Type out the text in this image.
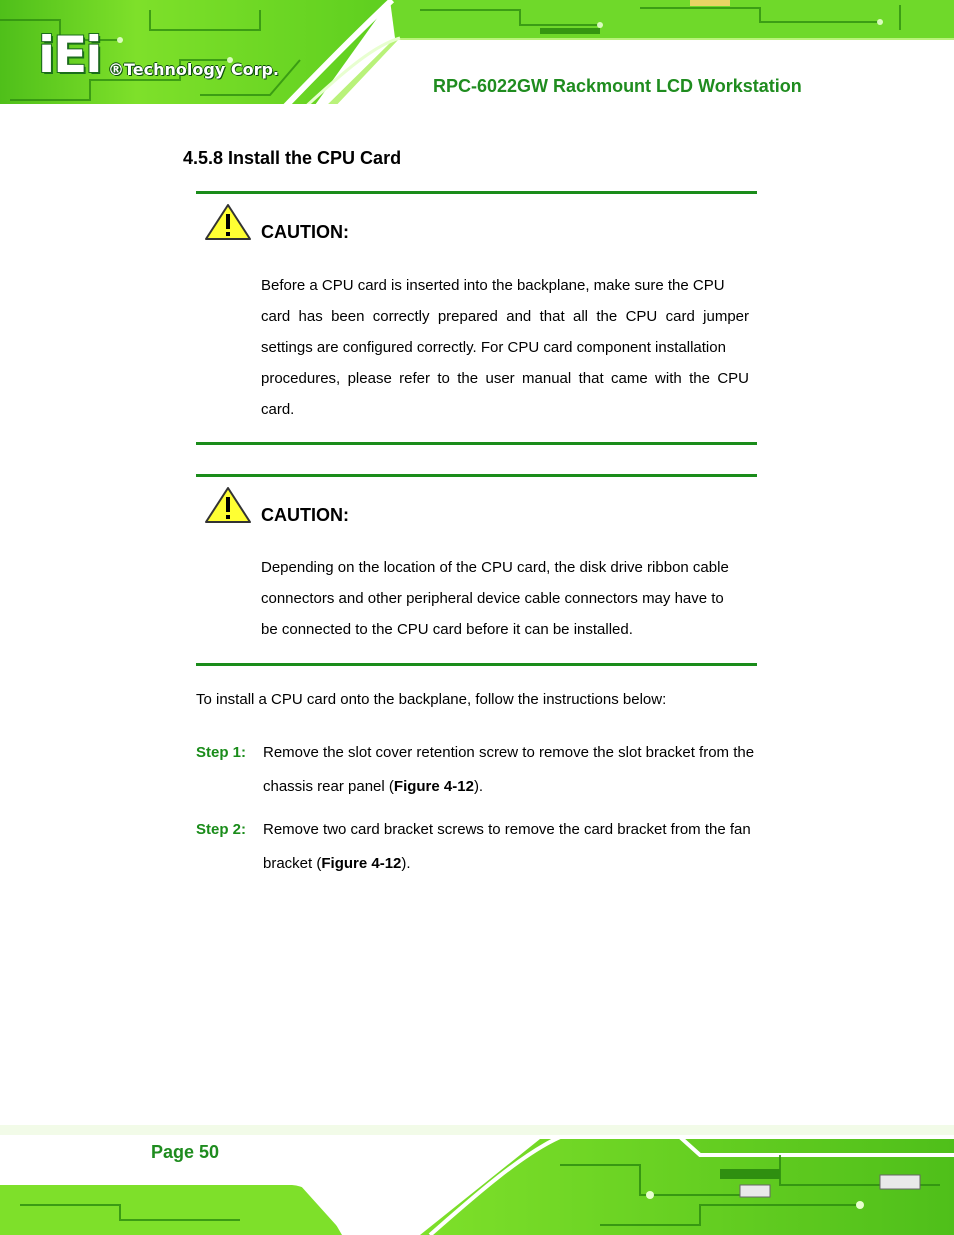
iEi ®Technology Corp.
RPC-6022GW Rackmount LCD Workstation
4.5.8 Install the CPU Card
CAUTION:
Before a CPU card is inserted into the backplane, make sure the CPU
card has been correctly prepared and that all the CPU card jumper
settings are configured correctly. For CPU card component installation
procedures, please refer to the user manual that came with the CPU
card.
CAUTION:
Depending on the location of the CPU card, the disk drive ribbon cable
connectors and other peripheral device cable connectors may have to
be connected to the CPU card before it can be installed.
To install a CPU card onto the backplane, follow the instructions below:
Step 1: Remove the slot cover retention screw to remove the slot bracket from the chassis rear panel (Figure 4-12).
Step 2: Remove two card bracket screws to remove the card bracket from the fan bracket (Figure 4-12).
Page 50
